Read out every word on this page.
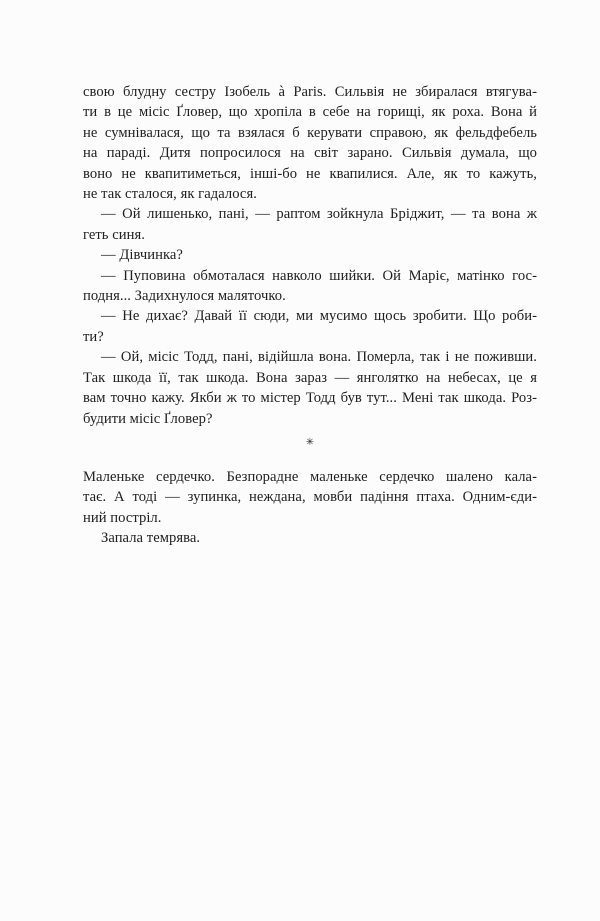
свою блудну сестру Ізобель à Paris. Сильвія не збиралася втягува-
ти в це місіс Ґловер, що хропіла в себе на горищі, як роха. Вона й
не сумнівалася, що та взялася б керувати справою, як фельдфебель
на параді. Дитя попросилося на світ зарано. Сильвія думала, що
воно не квапитиметься, інші-бо не квапилися. Але, як то кажуть,
не так сталося, як гадалося.
— Ой лишенько, пані, — раптом зойкнула Бріджит, — та вона ж
геть синя.
— Дівчинка?
— Пуповина обмоталася навколо шийки. Ой Маріє, матінко гос-
подня... Задихнулося маляточко.
— Не дихає? Давай її сюди, ми мусимо щось зробити. Що роби-
ти?
— Ой, місіс Тодд, пані, відійшла вона. Померла, так і не поживши.
Так шкода її, так шкода. Вона зараз — янголятко на небесах, це я
вам точно кажу. Якби ж то містер Тодд був тут... Мені так шкода. Роз-
будити місіс Ґловер?
✳
Маленьке сердечко. Безпорадне маленьке сердечко шалено кала-
тає. А тоді — зупинка, неждана, мовби падіння птаха. Одним-єди-
ний постріл.
Запала темрява.
